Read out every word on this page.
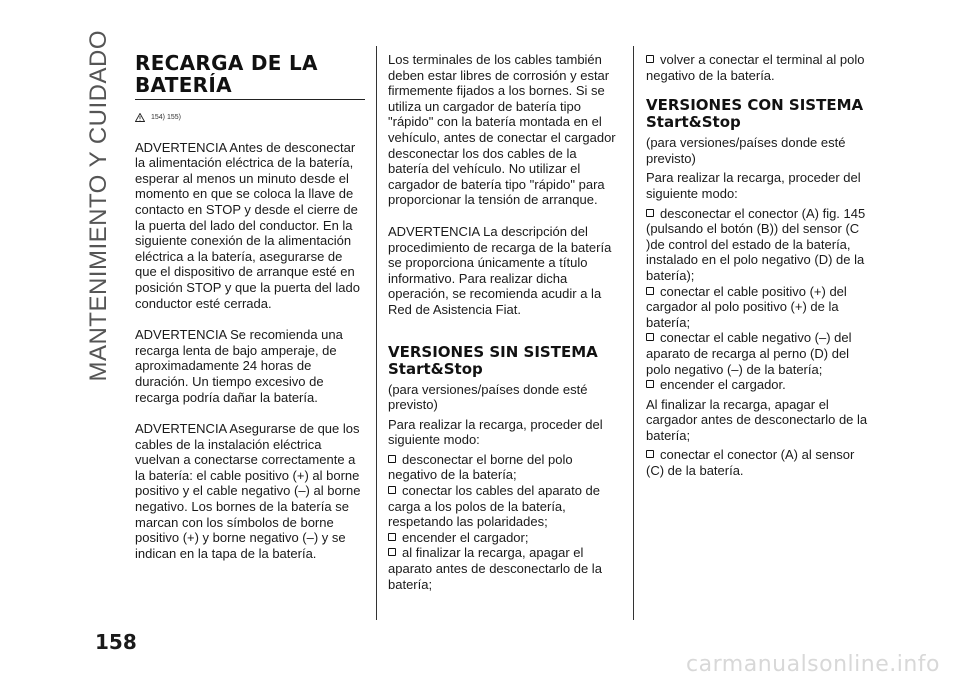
MANTENIMIENTO Y CUIDADO RECARGA DE LA BATERÍA
154) 155)

ADVERTENCIA Antes de desconectar la alimentación eléctrica de la batería, esperar al menos un minuto desde el momento en que se coloca la llave de contacto en STOP y desde el cierre de la puerta del lado del conductor. En la siguiente conexión de la alimentación eléctrica a la batería, asegurarse de que el dispositivo de arranque esté en posición STOP y que la puerta del lado conductor esté cerrada.

ADVERTENCIA Se recomienda una recarga lenta de bajo amperaje, de aproximadamente 24 horas de duración. Un tiempo excesivo de recarga podría dañar la batería.

ADVERTENCIA Asegurarse de que los cables de la instalación eléctrica vuelvan a conectarse correctamente a la batería: el cable positivo (+) al borne positivo y el cable negativo (–) al borne negativo. Los bornes de la batería se marcan con los símbolos de borne positivo (+) y borne negativo (–) y se indican en la tapa de la batería.

Los terminales de los cables también deben estar libres de corrosión y estar firmemente fijados a los bornes. Si se utiliza un cargador de batería tipo "rápido" con la batería montada en el vehículo, antes de conectar el cargador desconectar los dos cables de la batería del vehículo. No utilizar el cargador de batería tipo "rápido" para proporcionar la tensión de arranque.

ADVERTENCIA La descripción del procedimiento de recarga de la batería se proporciona únicamente a título informativo. Para realizar dicha operación, se recomienda acudir a la Red de Asistencia Fiat.

VERSIONES SIN SISTEMA Start&Stop

(para versiones/países donde esté previsto)

Para realizar la recarga, proceder del siguiente modo:

desconectar el borne del polo negativo de la batería;
conectar los cables del aparato de carga a los polos de la batería, respetando las polaridades;
encender el cargador;
al finalizar la recarga, apagar el aparato antes de desconectarlo de la batería;
volver a conectar el terminal al polo negativo de la batería.
VERSIONES CON SISTEMA Start&Stop

(para versiones/países donde esté previsto)

Para realizar la recarga, proceder del siguiente modo:

desconectar el conector (A) fig. 145 (pulsando el botón (B)) del sensor (C )de control del estado de la batería, instalado en el polo negativo (D) de la batería);
conectar el cable positivo (+) del cargador al polo positivo (+) de la batería;
conectar el cable negativo (–) del aparato de recarga al perno (D) del polo negativo (–) de la batería;
encender el cargador.

Al finalizar la recarga, apagar el cargador antes de desconectarlo de la batería;

conectar el conector (A) al sensor (C) de la batería.
158
carmanualsonline.info
